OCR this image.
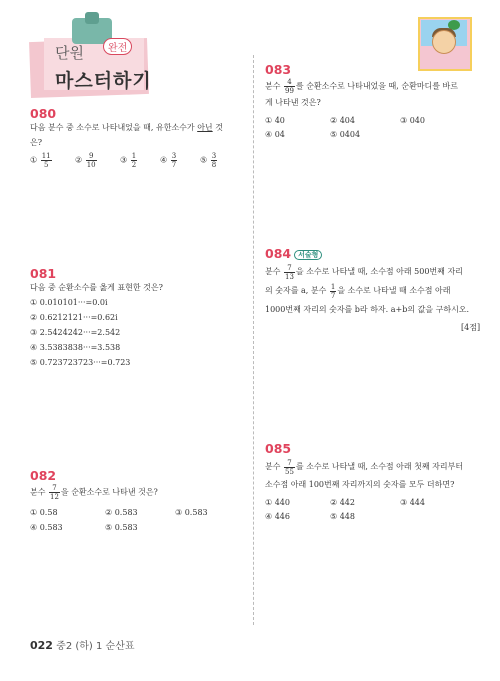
단원	완전
마스터하기
080
다음 분수 중 소수로 나타내었을 때, 유한소수가 아닌 것
은?
① $\frac{11}{5}$	② $\frac{9}{10}$	③ $\frac{1}{2}$	④ $\frac{3}{7}$	⑤ $\frac{3}{8}$
081
다음 중 순환소수를 옳게 표현한 것은?
① 0.010101···=0.0i
② 0.6212121···=0.62i
③ 2.5424242···=2.542
④ 3.5383838···=3.538
⑤ 0.723723723···=0.723
082
분수 $\frac{7}{12}$ 을 순환소수로 나타낸 것은?
① 0.58	② 0.583	③ 0.583
④ 0.583	⑤ 0.583
083
분수 $\frac{4}{99}$ 를 순환소수로 나타내었을 때, 순환마디를 바르
게 나타낸 것은?
① 40	② 404	③ 040
④ 04	⑤ 0404
084 서술형
분수 $\frac{7}{13}$ 을 소수로 나타낼 때, 소수점 아래 500번째 자리
의 숫자를 a, 분수 $\frac{1}{7}$ 을 소수로 나타낼 때 소수점 아래
1000번째 자리의 숫자를 b라 하자. a+b의 값을 구하시오.
[4점]
085
분수 $\frac{7}{55}$ 를 소수로 나타낼 때, 소수점 아래 첫째 자리부터
소수점 아래 100번째 자리까지의 숫자를 모두 더하면?
① 440	② 442	③ 444
④ 446	⑤ 448
022 중2 (하) 1 순산표
